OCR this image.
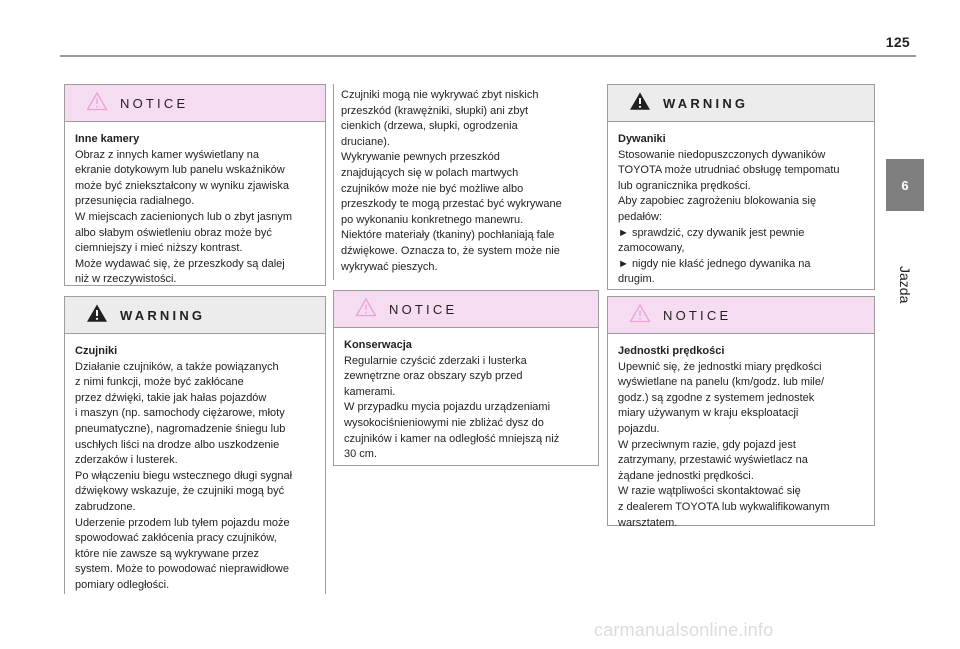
125
6
Jazda
NOTICE

Inne kamery

Obraz z innych kamer wyświetlany na
ekranie dotykowym lub panelu wskaźników
może być zniekształcony w wyniku zjawiska
przesunięcia radialnego.

W miejscach zacienionych lub o zbyt jasnym
albo słabym oświetleniu obraz może być
ciemniejszy i mieć niższy kontrast.

Może wydawać się, że przeszkody są dalej
niż w rzeczywistości.

WARNING

Czujniki

Działanie czujników, a także powiązanych
z nimi funkcji, może być zakłócane
przez dźwięki, takie jak hałas pojazdów
i maszyn (np. samochody ciężarowe, młoty
pneumatyczne), nagromadzenie śniegu lub
uschłych liści na drodze albo uszkodzenie
zderzaków i lusterek.

Po włączeniu biegu wstecznego długi sygnał
dźwiękowy wskazuje, że czujniki mogą być
zabrudzone.

Uderzenie przodem lub tyłem pojazdu może
spowodować zakłócenia pracy czujników,
które nie zawsze są wykrywane przez
system. Może to powodować nieprawidłowe
pomiary odległości.

Czujniki mogą nie wykrywać zbyt niskich
przeszkód (krawężniki, słupki) ani zbyt
cienkich (drzewa, słupki, ogrodzenia
druciane).
Wykrywanie pewnych przeszkód
znajdujących się w polach martwych
czujników może nie być możliwe albo
przeszkody te mogą przestać być wykrywane
po wykonaniu konkretnego manewru.
Niektóre materiały (tkaniny) pochłaniają fale
dźwiękowe. Oznacza to, że system może nie
wykrywać pieszych.
NOTICE

Konserwacja

Regularnie czyścić zderzaki i lusterka
zewnętrzne oraz obszary szyb przed
kamerami.

W przypadku mycia pojazdu urządzeniami
wysokociśnieniowymi nie zbliżać dysz do
czujników i kamer na odległość mniejszą niż
30 cm.

WARNING

Dywaniki

Stosowanie niedopuszczonych dywaników
TOYOTA może utrudniać obsługę tempomatu
lub ogranicznika prędkości.

Aby zapobiec zagrożeniu blokowania się
pedałów:

► sprawdzić, czy dywanik jest pewnie
zamocowany,

► nigdy nie kłaść jednego dywanika na
drugim.

NOTICE

Jednostki prędkości

Upewnić się, że jednostki miary prędkości
wyświetlane na panelu (km/godz. lub mile/
godz.) są zgodne z systemem jednostek
miary używanym w kraju eksploatacji
pojazdu.

W przeciwnym razie, gdy pojazd jest
zatrzymany, przestawić wyświetlacz na
żądane jednostki prędkości.

W razie wątpliwości skontaktować się
z dealerem TOYOTA lub wykwalifikowanym
warsztatem.

carmanualsonline.info
